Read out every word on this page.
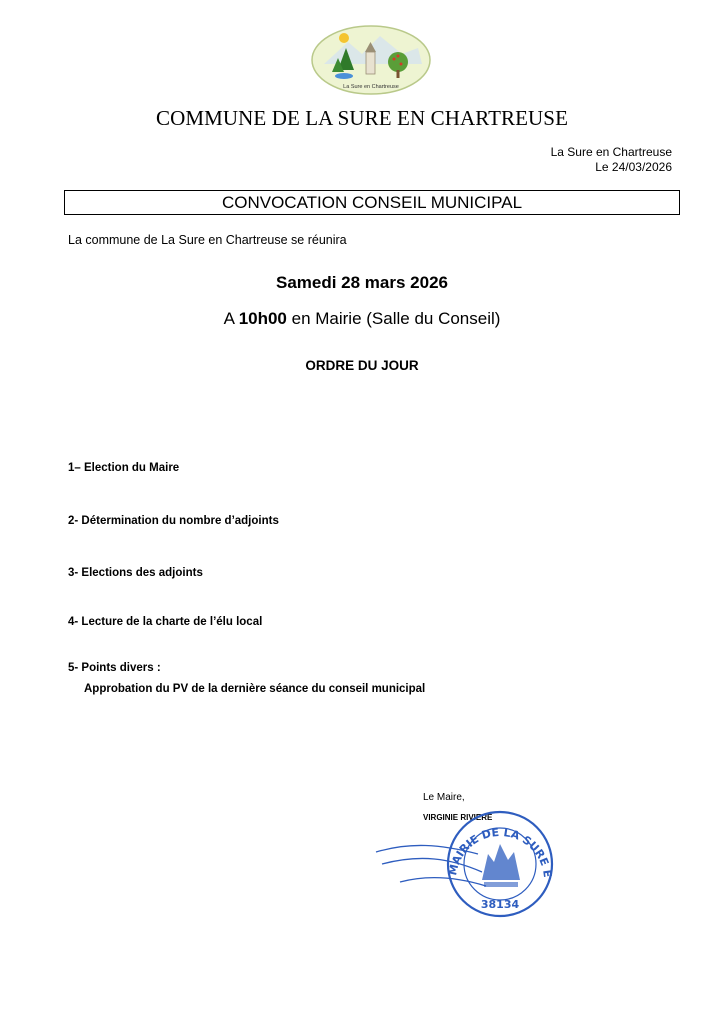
La Sure en Chartreuse
COMMUNE DE LA SURE EN CHARTREUSE
La Sure en Chartreuse
Le 24/03/2026
CONVOCATION CONSEIL MUNICIPAL
La commune de La Sure en Chartreuse se réunira
Samedi 28 mars 2026
A 10h00 en Mairie (Salle du Conseil)
ORDRE DU JOUR
1– Election du Maire
2- Détermination du nombre d’adjoints
3- Elections des adjoints
4- Lecture de la charte de l’élu local
5- Points divers :
Approbation du PV de la dernière séance du conseil municipal
Le Maire,
VIRGINIE RIVIERE
MAIRIE DE LA SURE E
38134
